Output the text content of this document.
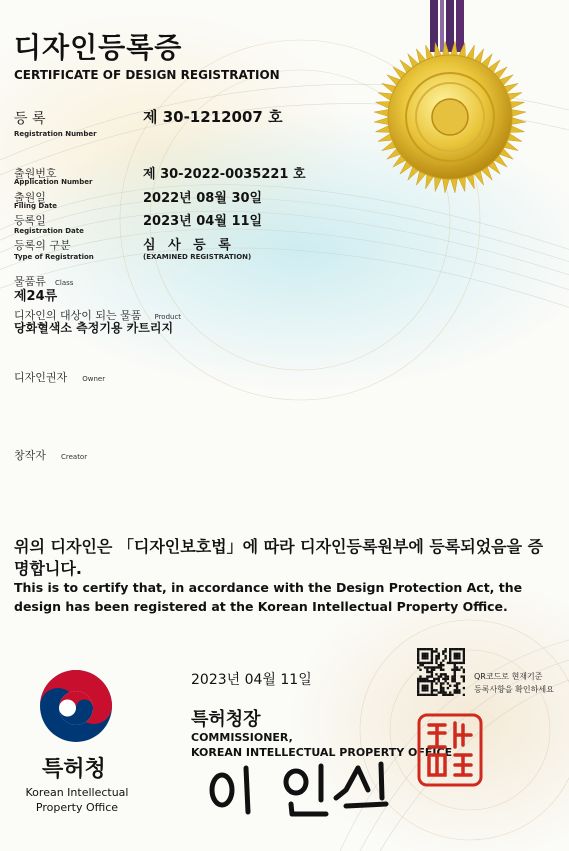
디자인등록증
CERTIFICATE OF DESIGN REGISTRATION
등 록
Registration Number
제 30-1212007 호
출원번호
Application Number	제 30-2022-0035221 호
출원일
Filing Date	2022년 08월 30일
등록일
Registration Date
2023년 04월 11일
등록의 구분
Type of Registration
심 사 등 록
(EXAMINED REGISTRATION)
물품류 Class
제24류
디자인의 대상이 되는 물품 Product
당화혈색소 측정기용 카트리지
디자인권자 Owner
창작자 Creator
위의 디자인은 「디자인보호법」에 따라 디자인등록원부에 등록되었음을 증명합니다.
This is to certify that, in accordance with the Design Protection Act, the design has been registered at the Korean Intellectual Property Office.
특허청
Korean Intellectual Property Office
2023년 04월 11일
특허청장
COMMISSIONER,
KOREAN INTELLECTUAL PROPERTY OFFICE
QR코드로 현재기준
등록사항을 확인하세요
